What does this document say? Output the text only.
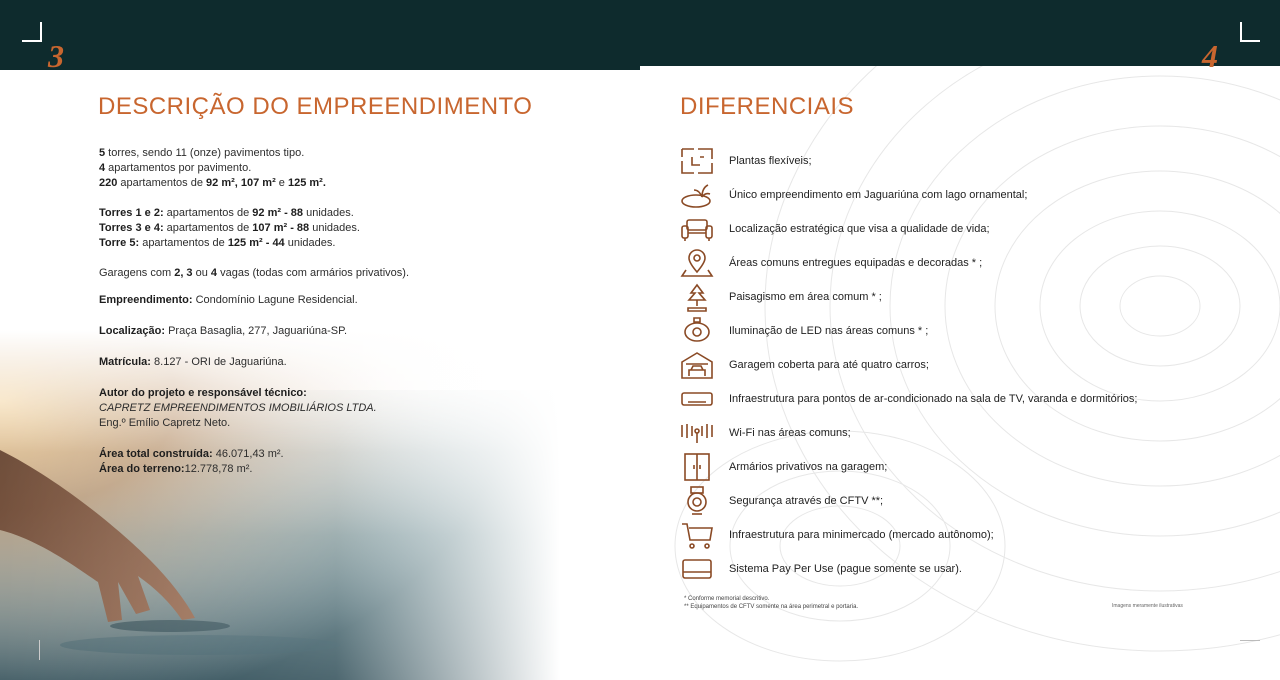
3	4
DESCRIÇÃO DO EMPREENDIMENTO

5 torres, sendo 11 (onze) pavimentos tipo.

4 apartamentos por pavimento.

220 apartamentos de 92 m², 107 m² e 125 m².

Torres 1 e 2: apartamentos de 92 m² - 88 unidades.

Torres 3 e 4: apartamentos de 107 m² - 88 unidades.

Torre 5: apartamentos de 125 m² - 44 unidades.

Garagens com 2, 3 ou 4 vagas (todas com armários privativos).

Empreendimento: Condomínio Lagune Residencial.

Localização: Praça Basaglia, 277, Jaguariúna-SP.

Matrícula: 8.127 - ORI de Jaguariúna.

Autor do projeto e responsável técnico:

CAPRETZ EMPREENDIMENTOS IMOBILIÁRIOS LTDA.

Eng.º Emílio Capretz Neto.

Área total construída: 46.071,43 m².

Área do terreno:12.778,78 m².

DIFERENCIAIS
Plantas flexíveis;
Único empreendimento em Jaguariúna com lago ornamental;
Localização estratégica que visa a qualidade de vida;
Áreas comuns entregues equipadas e decoradas * ;
Paisagismo em área comum * ;
Iluminação de LED nas áreas comuns * ;
Garagem coberta para até quatro carros;
Infraestrutura para pontos de ar-condicionado na sala de TV, varanda e dormitórios;
Wi-Fi nas áreas comuns;
Armários privativos na garagem;
Segurança através de CFTV **;
Infraestrutura para minimercado (mercado autônomo);
Sistema Pay Per Use (pague somente se usar).
* Conforme memorial descritivo.
** Equipamentos de CFTV somente na área perimetral e portaria.	Imagens meramente ilustrativas
